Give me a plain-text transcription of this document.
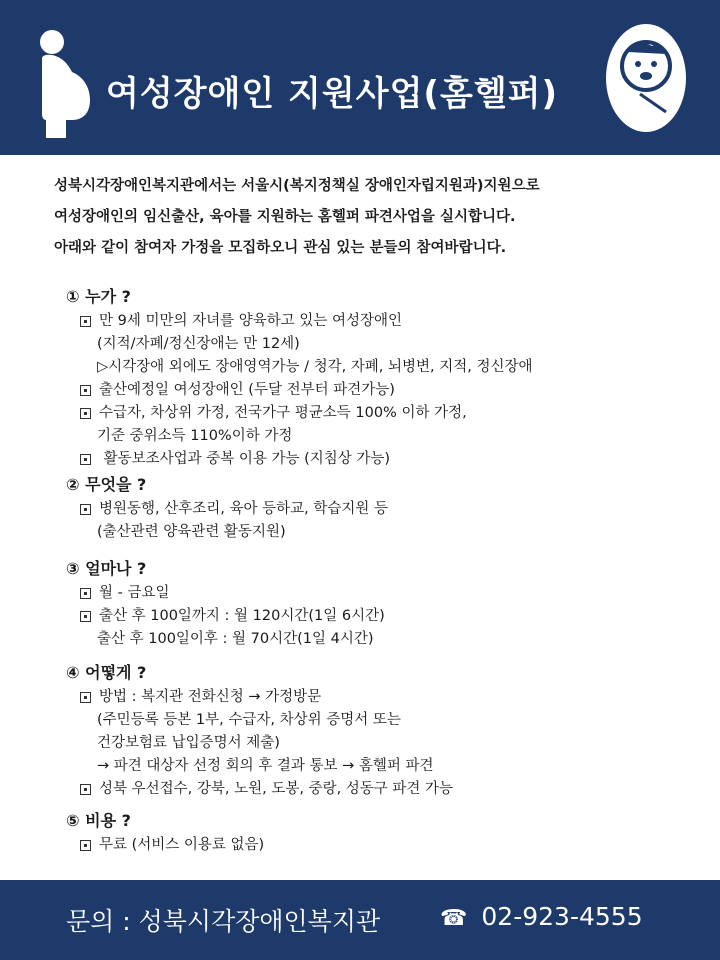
여성장애인 지원사업(홈헬퍼)
성북시각장애인복지관에서는 서울시(복지정책실 장애인자립지원과)지원으로
여성장애인의 임신출산, 육아를 지원하는 홈헬퍼 파견사업을 실시합니다.
아래와 같이 참여자 가정을 모집하오니 관심 있는 분들의 참여바랍니다.
① 누가 ?
만 9세 미만의 자녀를 양육하고 있는 여성장애인
(지적/자폐/정신장애는 만 12세)
▷시각장애 외에도 장애영역가능 / 청각, 자폐, 뇌병변, 지적, 정신장애
출산예정일 여성장애인 (두달 전부터 파견가능)
수급자, 차상위 가정, 전국가구 평균소득 100% 이하 가정,
기준 중위소득 110%이하 가정
활동보조사업과 중복 이용 가능 (지침상 가능)
② 무엇을 ?
병원동행, 산후조리, 육아 등하교, 학습지원 등
(출산관련 양육관련 활동지원)
③ 얼마나 ?
월 - 금요일
출산 후 100일까지 : 월 120시간(1일 6시간)
출산 후 100일이후 : 월 70시간(1일 4시간)
④ 어떻게 ?
방법 : 복지관 전화신청 → 가정방문
(주민등록 등본 1부, 수급자, 차상위 증명서 또는
건강보험료 납입증명서 제출)
→ 파견 대상자 선정 회의 후 결과 통보 → 홈헬퍼 파견
성북 우선접수, 강북, 노원, 도봉, 중랑, 성동구 파견 가능
⑤ 비용 ?
무료 (서비스 이용료 없음)
문의 : 성북시각장애인복지관	☎ 02-923-4555
